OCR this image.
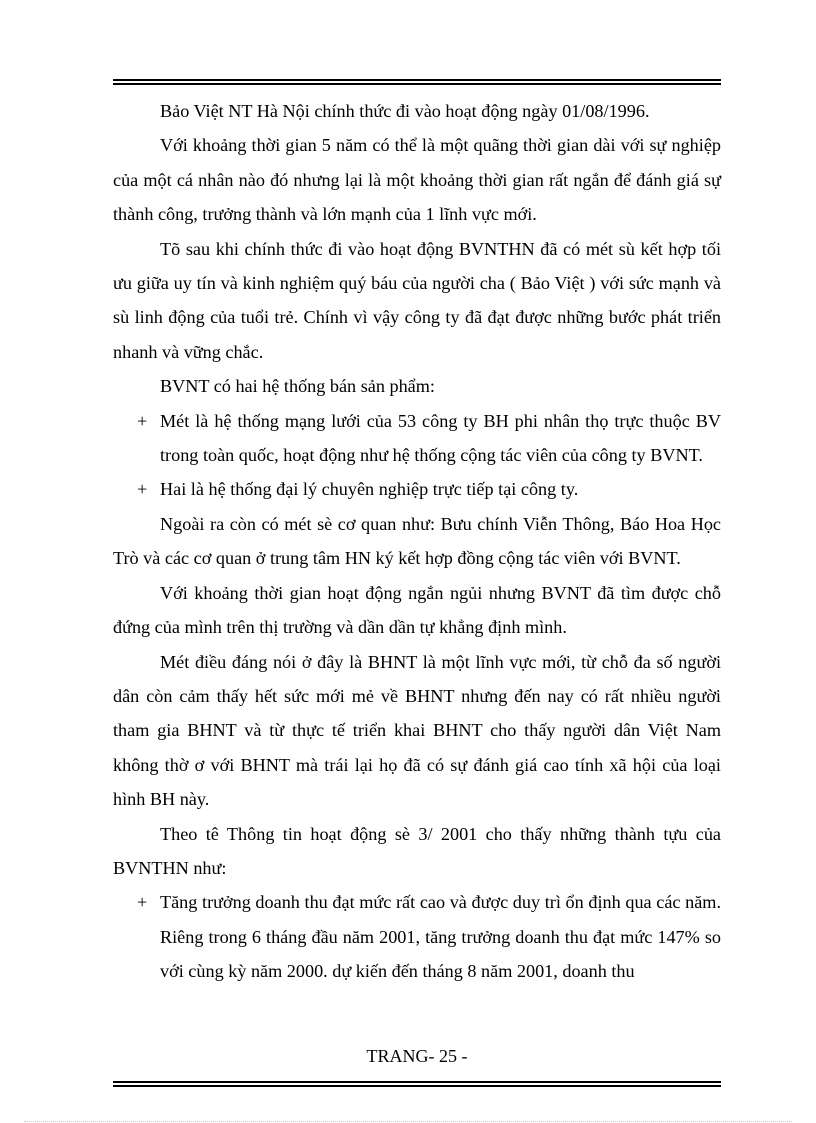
Bảo Việt NT Hà Nội chính thức đi vào hoạt động ngày 01/08/1996.

Với khoảng thời gian 5 năm có thể là một quãng thời gian dài với sự nghiệp của một cá nhân nào đó nhưng lại là một khoảng thời gian rất ngắn để đánh giá sự thành công, trưởng thành và lớn mạnh của 1 lĩnh vực mới.

Tõ sau khi chính thức đi vào hoạt động BVNTHN đã có mét sù kết hợp tối ưu giữa uy tín và kinh nghiệm quý báu của người cha ( Bảo Việt ) với sức mạnh và sù linh động của tuổi trẻ. Chính vì vậy công ty đã đạt được những bước phát triển nhanh và vững chắc.

BVNT có hai hệ thống bán sản phẩm:

+ Mét là hệ thống mạng lưới của 53 công ty BH phi nhân thọ trực thuộc BV trong toàn quốc, hoạt động như hệ thống cộng tác viên của công ty BVNT.

+ Hai là hệ thống đại lý chuyên nghiệp trực tiếp tại công ty.

Ngoài ra còn có mét sè cơ quan như: Bưu chính Viễn Thông, Báo Hoa Học Trò và các cơ quan ở trung tâm HN ký kết hợp đồng cộng tác viên với BVNT.

Với khoảng thời gian hoạt động ngắn ngủi nhưng BVNT đã tìm được chỗ đứng của mình trên thị trường và dần dần tự khẳng định mình.

Mét điều đáng nói ở đây là BHNT là một lĩnh vực mới, từ chỗ đa số người dân còn cảm thấy hết sức mới mẻ về BHNT nhưng đến nay có rất nhiều người tham gia BHNT và từ thực tế triển khai BHNT cho thấy người dân Việt Nam không thờ ơ với BHNT mà trái lại họ đã có sự đánh giá cao tính xã hội của loại hình BH này.

Theo tê Thông tin hoạt động sè 3/ 2001 cho thấy những thành tựu của BVNTHN như:

+ Tăng trưởng doanh thu đạt mức rất cao và được duy trì ổn định qua các năm. Riêng trong 6 tháng đầu năm 2001, tăng trưởng doanh thu đạt mức 147% so với cùng kỳ năm 2000. dự kiến đến tháng 8 năm 2001, doanh thu

TRANG- 25 -
